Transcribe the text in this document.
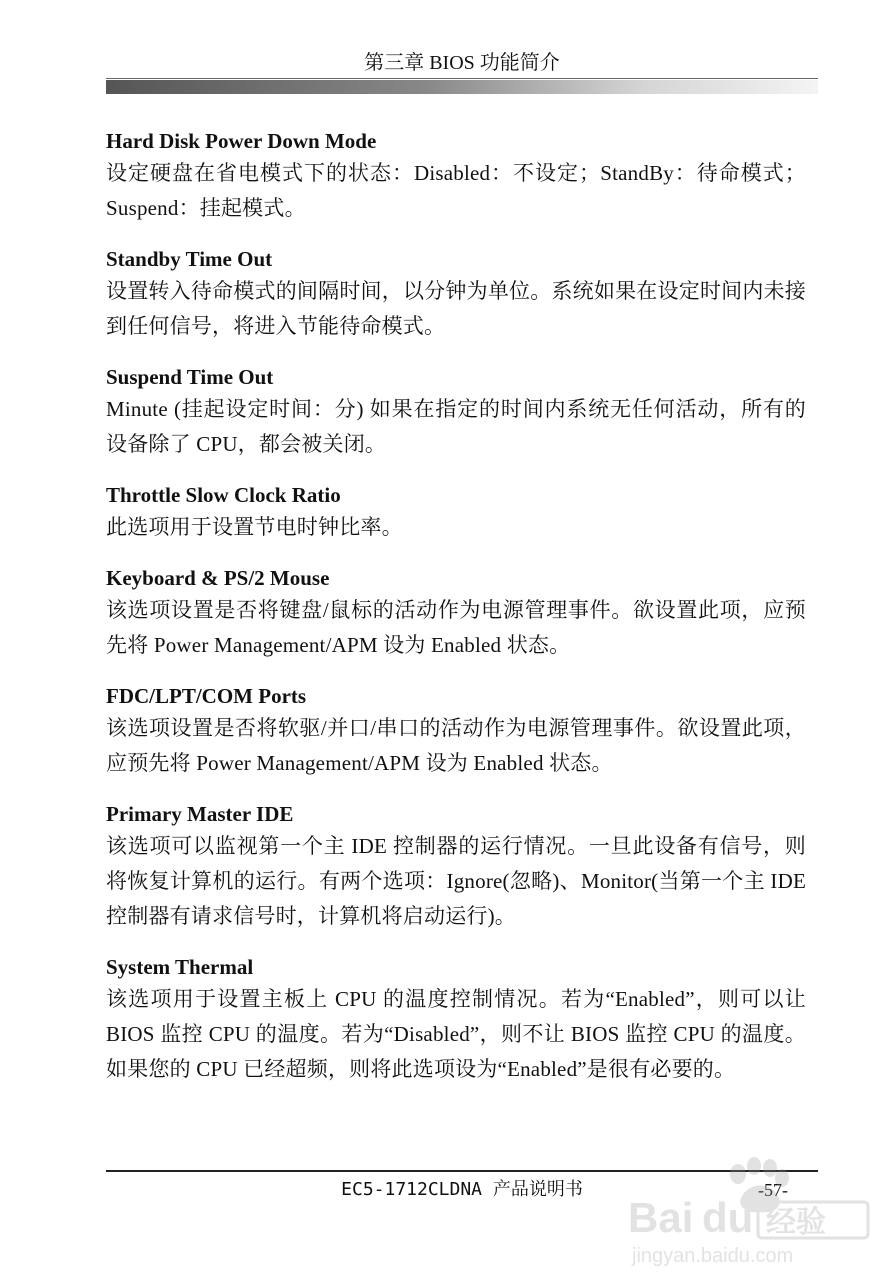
第三章 BIOS 功能简介

Hard Disk Power Down Mode

设定硬盘在省电模式下的状态：Disabled：不设定；StandBy：待命模式；Suspend：挂起模式。

Standby Time Out

设置转入待命模式的间隔时间，以分钟为单位。系统如果在设定时间内未接到任何信号，将进入节能待命模式。

Suspend Time Out

Minute (挂起设定时间：分) 如果在指定的时间内系统无任何活动，所有的设备除了 CPU，都会被关闭。

Throttle Slow Clock Ratio

此选项用于设置节电时钟比率。

Keyboard & PS/2 Mouse

该选项设置是否将键盘/鼠标的活动作为电源管理事件。欲设置此项，应预先将 Power Management/APM 设为 Enabled 状态。

FDC/LPT/COM Ports

该选项设置是否将软驱/并口/串口的活动作为电源管理事件。欲设置此项，应预先将 Power Management/APM 设为 Enabled 状态。

Primary Master IDE

该选项可以监视第一个主 IDE 控制器的运行情况。一旦此设备有信号，则将恢复计算机的运行。有两个选项：Ignore(忽略)、Monitor(当第一个主 IDE 控制器有请求信号时，计算机将启动运行)。

System Thermal

该选项用于设置主板上 CPU 的温度控制情况。若为“Enabled”，则可以让 BIOS 监控 CPU 的温度。若为“Disabled”，则不让 BIOS 监控 CPU 的温度。如果您的 CPU 已经超频，则将此选项设为“Enabled”是很有必要的。

EC5-1712CLDNA 产品说明书	-57-
Bai du 经验
jingyan.baidu.com
